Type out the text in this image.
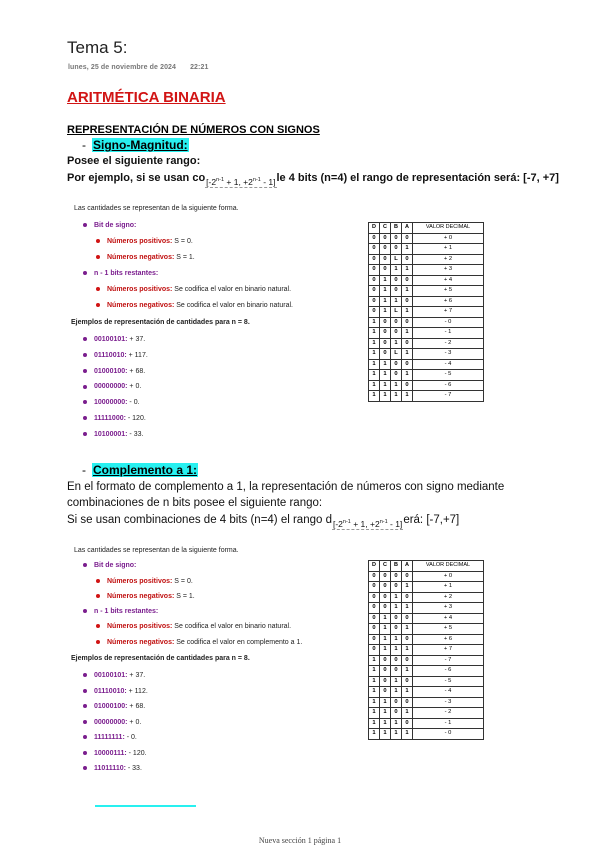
Tema 5:
lunes, 25 de noviembre de 2024 22:21
ARITMÉTICA BINARIA
REPRESENTACIÓN DE NÚMEROS CON SIGNOS
- Signo-Magnitud:
Posee el siguiente rango:
Por ejemplo, si se usan $co_{[-2^{n-1} + 1, +2^{n-1} - 1]}le$ 4 bits (n=4) el rango de representación será: [-7, +7]
Las cantidades se representan de la siguiente forma.
Bit de signo:
Números positivos: S = 0.
Números negativos: S = 1.
n - 1 bits restantes:
Números positivos: Se codifica el valor en binario natural.
Números negativos: Se codifica el valor en binario natural.
Ejemplos de representación de cantidades para n = 8.
00100101: + 37.
01110010: + 117.
01000100: + 68.
00000000: + 0.
10000000: - 0.
11111000: - 120.
10100001: - 33.
D	C	B	A	VALOR DECIMAL
0	0	0	0	+ 0
0	0	0	1	+ 1
0	0	L	0	+ 2
0	0	1	1	+ 3
0	1	0	0	+ 4
0	1	0	1	+ 5
0	1	1	0	+ 6
0	1	L	1	+ 7
1	0	0	0	- 0
1	0	0	1	- 1
1	0	1	0	- 2
1	0	L	1	- 3
1	1	0	0	- 4
1	1	0	1	- 5
1	1	1	0	- 6
1	1	1	1	- 7
- Complemento a 1:
En el formato de complemento a 1, la representación de números con signo mediante
combinaciones de n bits posee el siguiente rango:
Si se usan combinaciones de 4 bits (n=4) el rango $d_{[-2^{n-1} + 1, +2^{n-1} - 1]}erá$: [-7,+7]
Las cantidades se representan de la siguiente forma.
Bit de signo:
Números positivos: S = 0.
Números negativos: S = 1.
n - 1 bits restantes:
Números positivos: Se codifica el valor en binario natural.
Números negativos: Se codifica el valor en complemento a 1.
Ejemplos de representación de cantidades para n = 8.
00100101: + 37.
01110010: + 112.
01000100: + 68.
00000000: + 0.
11111111: - 0.
10000111: - 120.
11011110: - 33.
D	C	B	A	VALOR DECIMAL
0	0	0	0	+ 0
0	0	0	1	+ 1
0	0	1	0	+ 2
0	0	1	1	+ 3
0	1	0	0	+ 4
0	1	0	1	+ 5
0	1	1	0	+ 6
0	1	1	1	+ 7
1	0	0	0	- 7
1	0	0	1	- 6
1	0	1	0	- 5
1	0	1	1	- 4
1	1	0	0	- 3
1	1	0	1	- 2
1	1	1	0	- 1
1	1	1	1	- 0
Nueva sección 1 página 1
